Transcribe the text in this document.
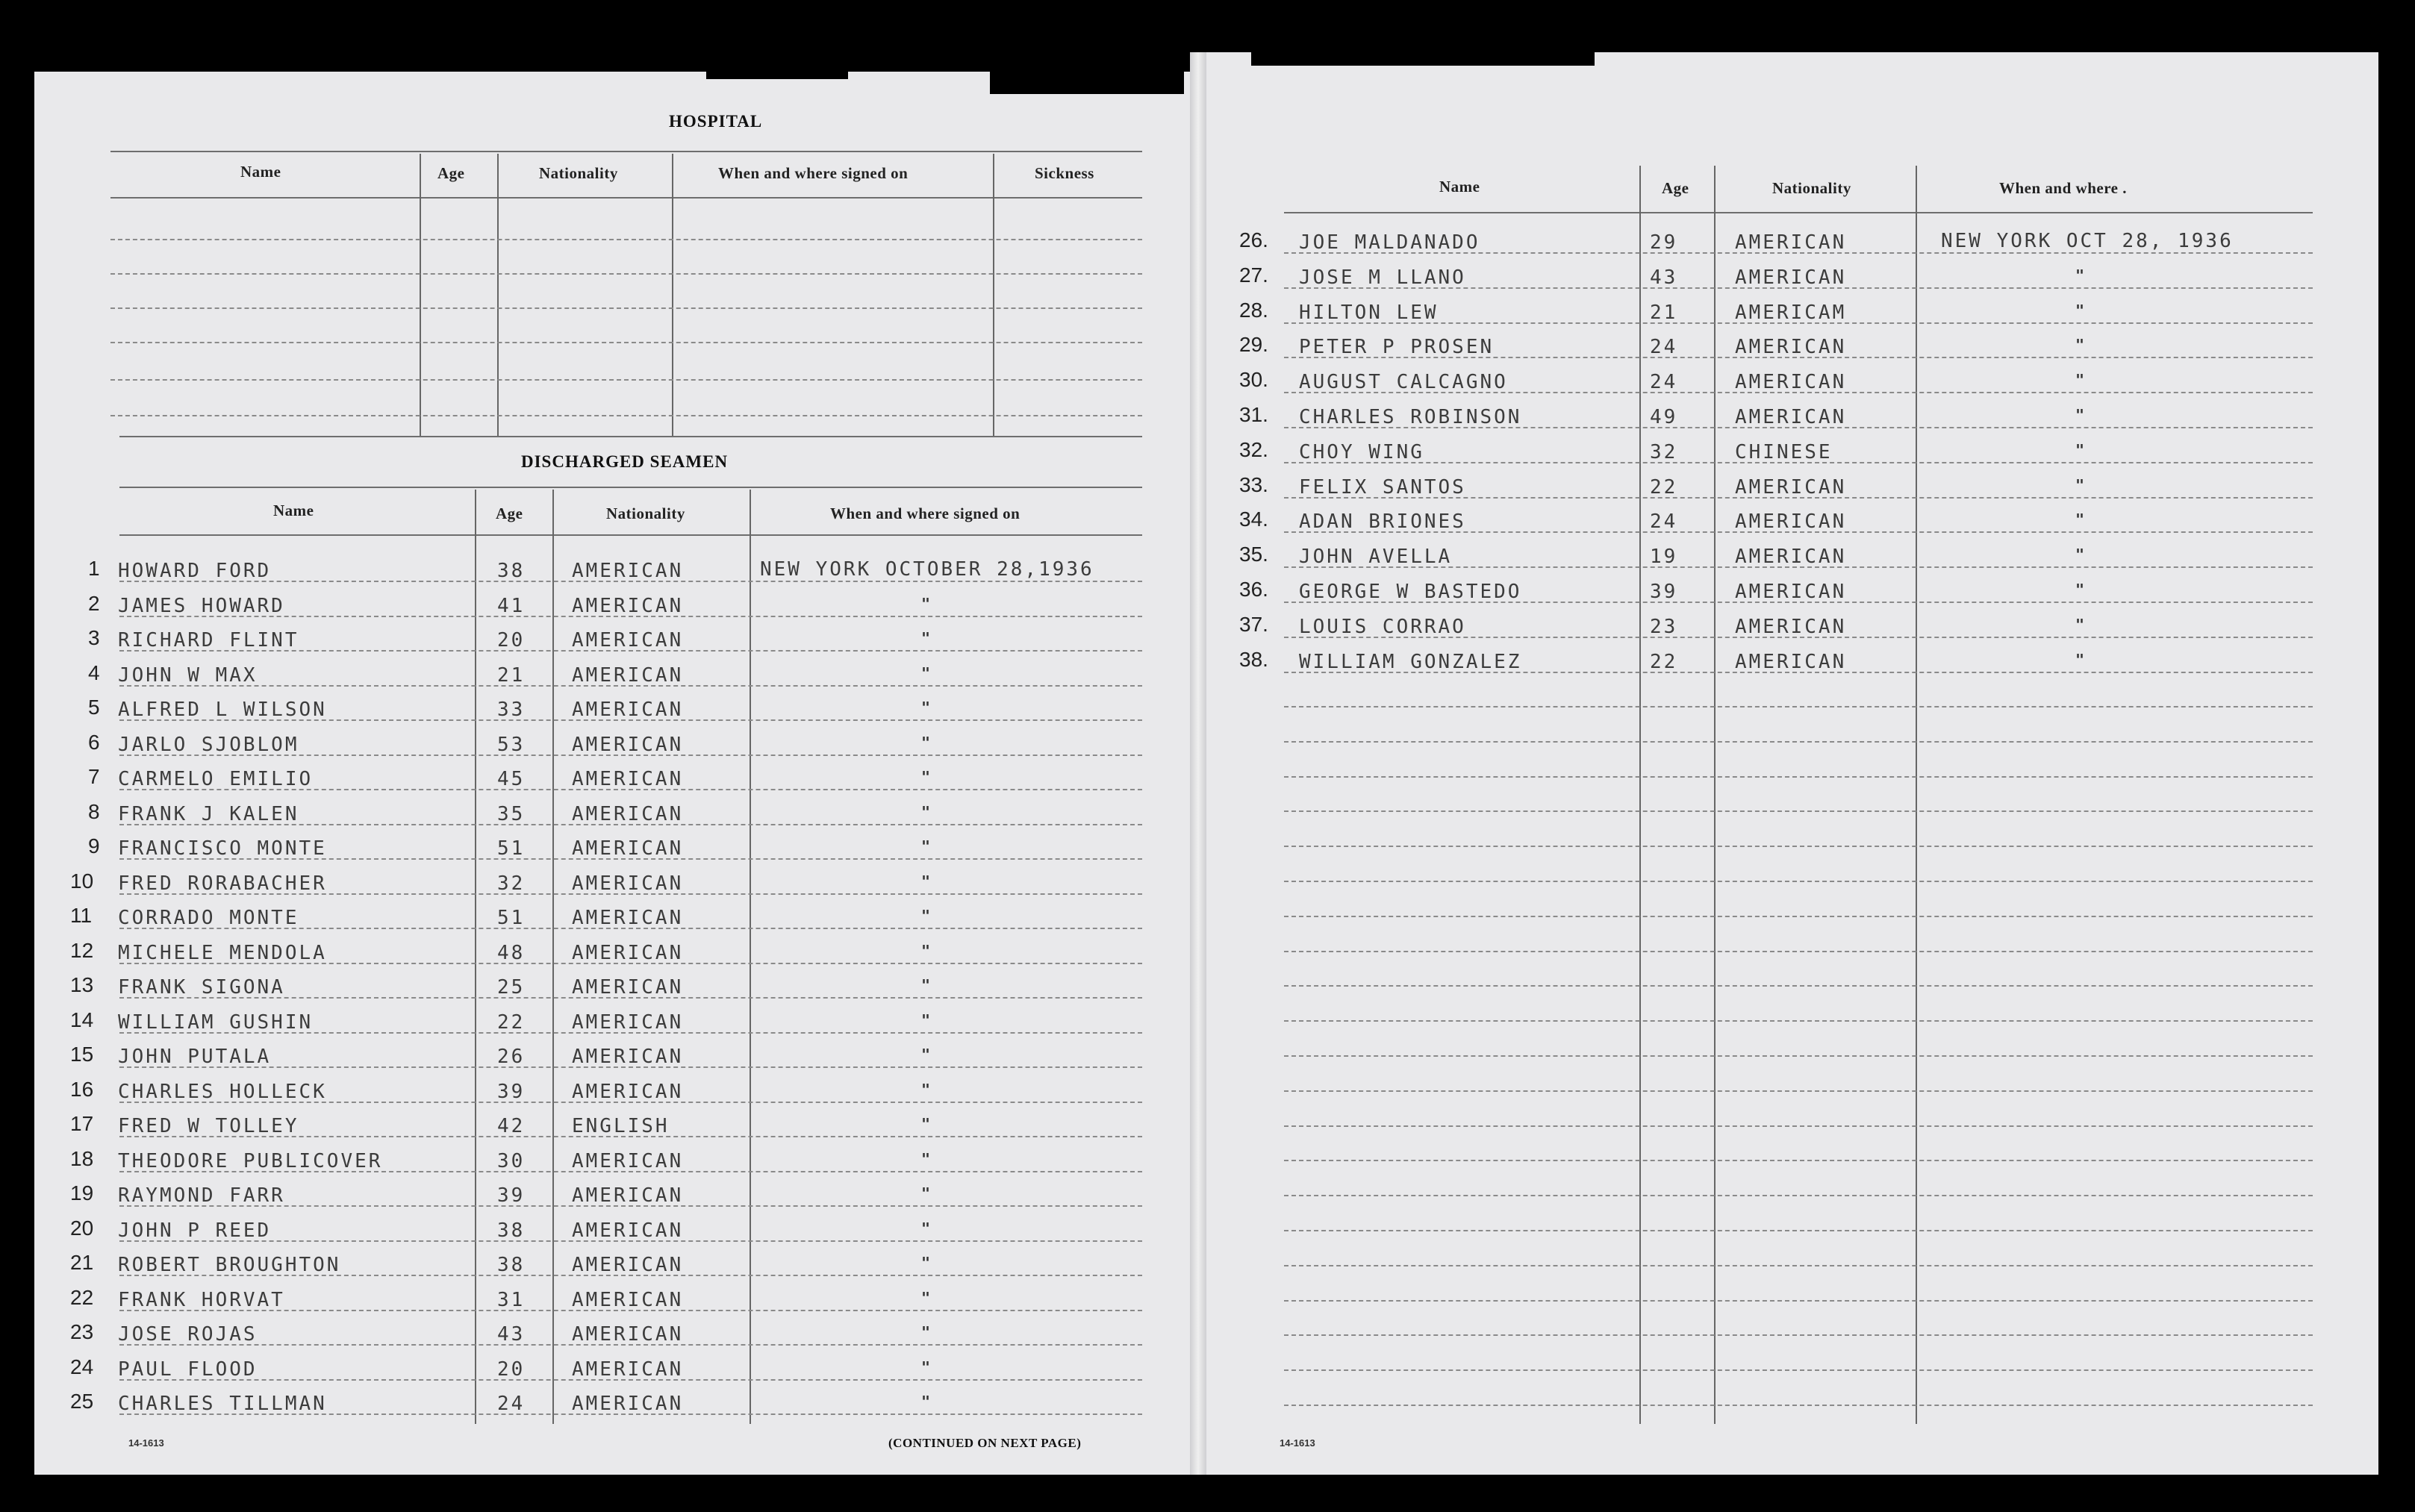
HOSPITAL
Name	Age	Nationality	When and where signed on	Sickness
DISCHARGED SEAMEN
Name	Age	Nationality	When and where signed on
1 HOWARD FORD	38 AMERICAN	NEW YORK OCTOBER 28,1936
2 JAMES HOWARD	41 AMERICAN	"
3 RICHARD FLINT	20 AMERICAN	"
4 JOHN W MAX	21 AMERICAN	"
5 ALFRED L WILSON	33 AMERICAN	"
6 JARLO SJOBLOM	53 AMERICAN	"
7 CARMELO EMILIO	45 AMERICAN	"
8 FRANK J KALEN	35 AMERICAN	"
9 FRANCISCO MONTE	51 AMERICAN	"
10 FRED RORABACHER	32 AMERICAN	"
11 CORRADO MONTE	51 AMERICAN	"
12 MICHELE MENDOLA	48 AMERICAN	"
13 FRANK SIGONA	25 AMERICAN	"
14 WILLIAM GUSHIN	22 AMERICAN	"
15 JOHN PUTALA	26 AMERICAN	"
16 CHARLES HOLLECK	39 AMERICAN	"
17 FRED W TOLLEY	42 ENGLISH	"
18 THEODORE PUBLICOVER	30 AMERICAN	"
19 RAYMOND FARR	39 AMERICAN	"
20 JOHN P REED	38 AMERICAN	"
21 ROBERT BROUGHTON	38 AMERICAN	"
22 FRANK HORVAT	31 AMERICAN	"
23 JOSE ROJAS	43 AMERICAN	"
24 PAUL FLOOD	20 AMERICAN	"
25 CHARLES TILLMAN	24 AMERICAN	"
Name	Age	Nationality	When and where .
26. JOE MALDANADO	29	AMERICAN	NEW YORK OCT 28, 1936
27. JOSE M LLANO	43	AMERICAN	"
28. HILTON LEW	21	AMERICAM	"
29. PETER P PROSEN	24	AMERICAN	"
30. AUGUST CALCAGNO	24	AMERICAN	"
31. CHARLES ROBINSON	49	AMERICAN	"
32. CHOY WING	32	CHINESE	"
33. FELIX SANTOS	22	AMERICAN	"
34. ADAN BRIONES	24	AMERICAN	"
35. JOHN AVELLA	19	AMERICAN	"
36. GEORGE W BASTEDO	39	AMERICAN	"
37. LOUIS CORRAO	23	AMERICAN	"
38. WILLIAM GONZALEZ	22	AMERICAN	"
14-1613	(CONTINUED ON NEXT PAGE)	14-1613
